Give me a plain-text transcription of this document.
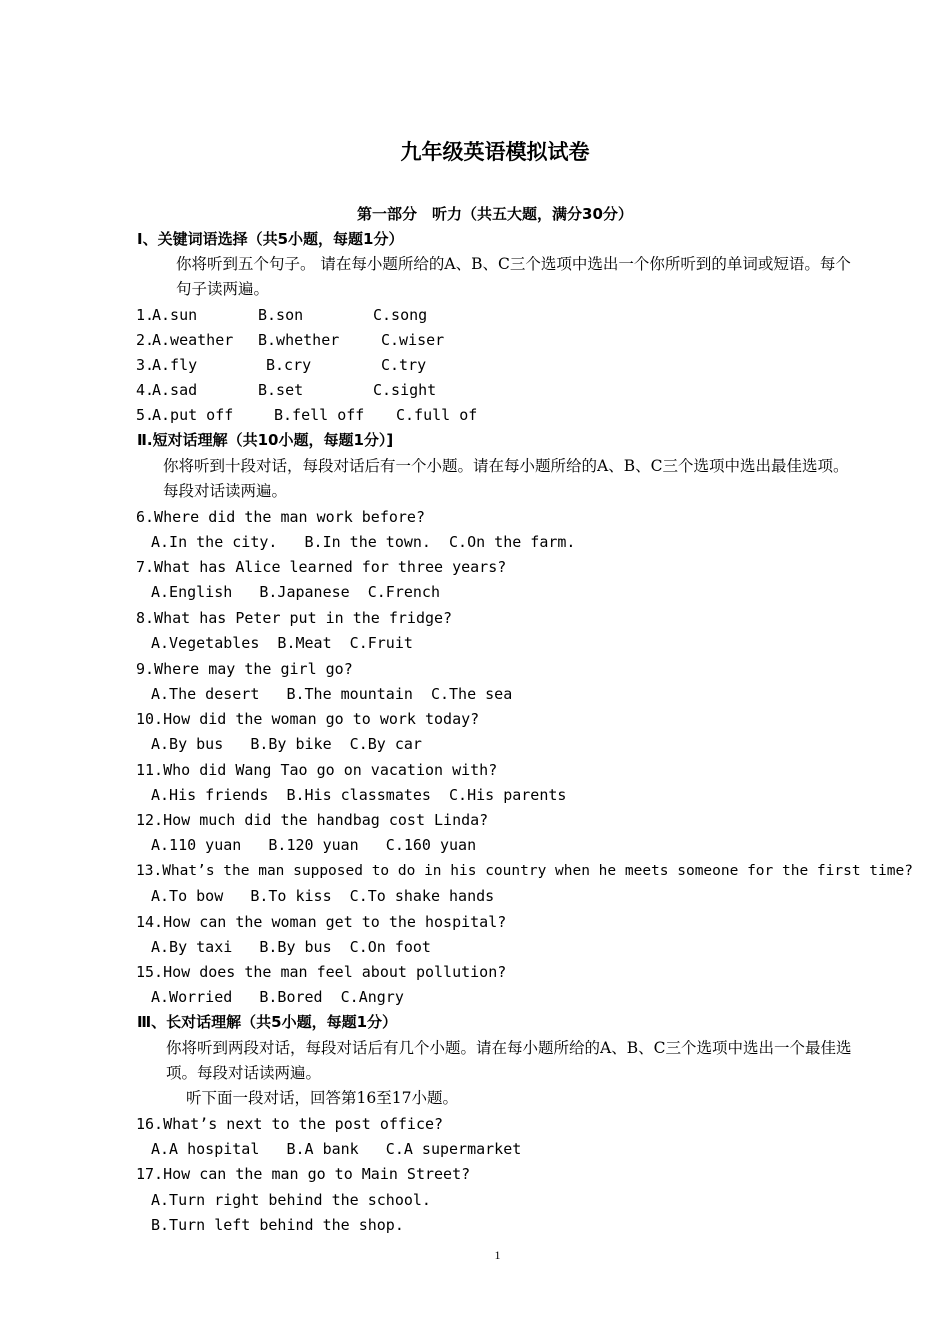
九年级英语模拟试卷
第一部分　听力（共五大题，满分30分）
Ⅰ、关键词语选择（共5小题，每题1分）
你将听到五个句子。 请在每小题所给的A、B、C三个选项中选出一个你所听到的单词或短语。每个句子读两遍。
1.
A.sun	B.son	C.song
2.
A.weather B.whether	C.wiser
3.
A.fly	B.cry	C.try
4.
A.sad	B.set	C.sight
5.
A.put off	B.fell off C.full of
Ⅱ.短对话理解（共10小题，每题1分）]
你将听到十段对话，每段对话后有一个小题。请在每小题所给的A、B、C三个选项中选出最佳选项。每段对话读两遍。
6.Where did the man work before?
A.In the city.   B.In the town.  C.On the farm.
7.What has Alice learned for three years?
A.English   B.Japanese  C.French
8.What has Peter put in the fridge?
A.Vegetables  B.Meat  C.Fruit
9.Where may the girl go?
A.The desert   B.The mountain  C.The sea
10.How did the woman go to work today?
A.By bus   B.By bike  C.By car
11.Who did Wang Tao go on vacation with?
A.His friends  B.His classmates  C.His parents
12.How much did the handbag cost Linda?
A.110 yuan   B.120 yuan   C.160 yuan
13.What’s the man supposed to do in his country when he meets someone for the first time?
A.To bow   B.To kiss  C.To shake hands
14.How can the woman get to the hospital?
A.By taxi   B.By bus  C.On foot
15.How does the man feel about pollution?
A.Worried   B.Bored  C.Angry
Ⅲ、长对话理解（共5小题，每题1分）
你将听到两段对话，每段对话后有几个小题。请在每小题所给的A、B、C三个选项中选出一个最佳选项。每段对话读两遍。
听下面一段对话，回答第16至17小题。
16.What’s next to the post office?
A.A hospital   B.A bank   C.A supermarket
17.How can the man go to Main Street?
A.Turn right behind the school.
B.Turn left behind the shop.
1
